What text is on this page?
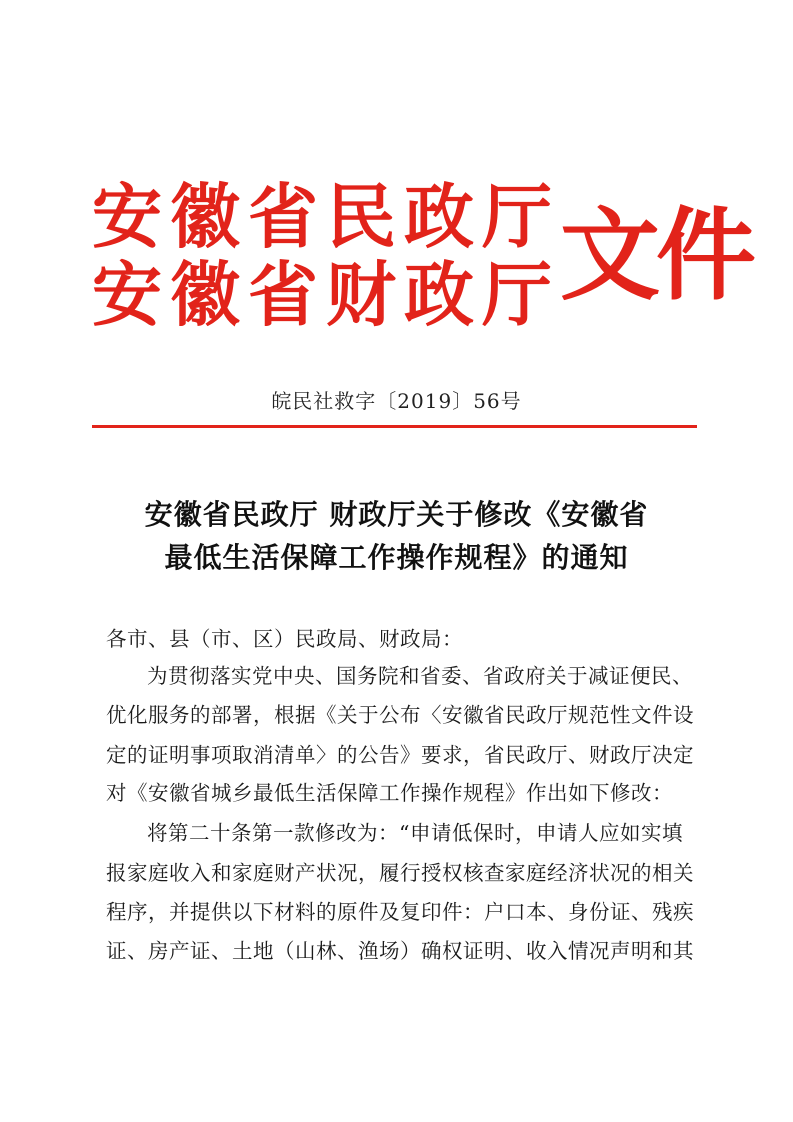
安徽省民政厅
安徽省财政厅 文件
皖民社救字〔2019〕56号
安徽省民政厅 财政厅关于修改《安徽省
最低生活保障工作操作规程》的通知
各市、县（市、区）民政局、财政局：
为贯彻落实党中央、国务院和省委、省政府关于减证便民、
优化服务的部署，根据《关于公布〈安徽省民政厅规范性文件设
定的证明事项取消清单〉的公告》要求，省民政厅、财政厅决定
对《安徽省城乡最低生活保障工作操作规程》作出如下修改：
将第二十条第一款修改为：“申请低保时，申请人应如实填
报家庭收入和家庭财产状况，履行授权核查家庭经济状况的相关
程序，并提供以下材料的原件及复印件：户口本、身份证、残疾
证、房产证、土地（山林、渔场）确权证明、收入情况声明和其
